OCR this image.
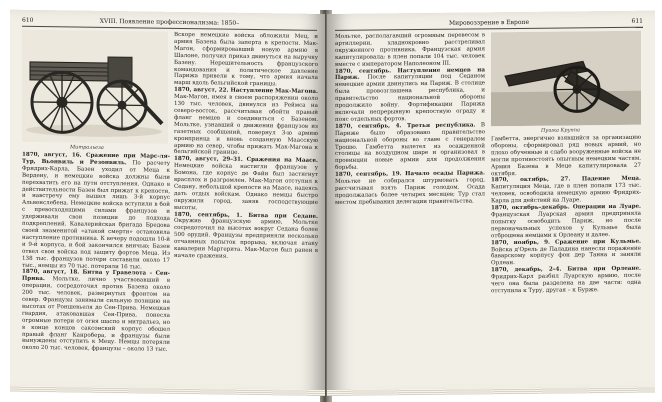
610	XVIII. Появление профессионализма: 1850–
Митральеза

1870, август, 16. Сражение при Марс-ля-Тур, Вьонвиль и Резонвиль. По расчету Фридрих-Карла, Базен уходил от Меца к Вердену, и немецкие войска должны были перехватить его на пути отступления. Однако в действительности Базен был прижат к крепости, и навстречу ему вышел лишь 3-й корпус Альвенслебена. Немецкие войска вступили в бой с превосходящими силами французов и удерживали свои позиции до подхода подкреплений. Кавалерийская бригада Бредова своей знаменитой «атакой смерти» остановила наступление противника. К вечеру подошли 10-й и 9-й корпуса, и бой закончился вничью; Базен отвел свои войска под защиту фортов Меца. Из 138 тыс. французов потери составили около 17 тыс., немцы из 70 тыс. потеряли 16 тыс.

1870, август, 18. Битва у Гравелота – Сен-Прива. Мольтке, лично участвовавший в операции, сосредоточил против Базена около 200 тыс. человек, развернутых фронтом на север. Французы занимали сильную позицию на высотах от Роншевьеля до Сен-Прива. Немецкая гвардия, атаковавшая Сен-Прива, понесла огромные потери от огня шаспо и митральез, но в конце концов саксонский корпус обошел правый фланг Канробера, и французы были вынуждены отступить к Мецу. Немцы потеряли около 20 тыс. человек, французы – около 13 тыс.

Вскоре немецкие войска обложили Мец, и армия Базена была заперта в крепости. Мак-Магон, сформировавший новую армию в Шалоне, получил приказ двинуться на выручку Базену. Нерешительность французского командования и политическое давление Парижа привели к тому, что армия начала марш вдоль бельгийской границы.

1870, август, 22. Наступление Мак-Магона. Мак-Магон, имея в своем распоряжении около 130 тыс. человек, двинулся из Реймса на северо-восток, рассчитывая обойти правый фланг немцев и соединиться с Базеном. Мольтке, узнавший о движении французов из газетных сообщений, повернул 3-ю армию кронпринца и вновь созданную Маасскую армию на север, чтобы прижать Мак-Магона к бельгийской границе.

1870, август, 29–31. Сражения на Маасе. Немецкие войска настигли французов у Бомона, где корпус де Файи был застигнут врасплох и разгромлен. Мак-Магон отступил к Седану, небольшой крепости на Маасе, надеясь дать отдых войскам. Однако немцы быстро окружили город, заняв господствующие высоты.

1870, сентябрь, 1. Битва при Седане. Окружив французскую армию, Мольтке сосредоточил на высотах вокруг Седана более 500 орудий. Французы предприняли несколько отчаянных попыток прорыва, включая атаку кавалерии Маргерита. Мак-Магон был ранен в начале сражения.

Мировоззрение в Европе	611

Мольтке, располагавший огромным перевесом в артиллерии, хладнокровно расстреливал окруженного противника. Французская армия капитулировала; в плен попали 104 тыс. человек вместе с императором Наполеоном III.

1870, сентябрь. Наступление немцев на Париж. После капитуляции под Седаном немецкие армии двинулись на Париж. В столице была провозглашена республика, и правительство национальной обороны продолжило войну. Фортификации Парижа включали непрерывную крепостную ограду и пояс отдельных фортов.

1870, сентябрь, 4. Третья республика. В Париже было образовано правительство национальной обороны во главе с генералом Трошю. Гамбетта вылетел из осажденной столицы на воздушном шаре и организовал в провинции новые армии для продолжения борьбы.

1870, сентябрь, 19. Начало осады Парижа. Мольтке не собирался штурмовать город, рассчитывая взять Париж голодом. Осада продолжалась более четырех месяцев; Тур стал местом пребывания делегации правительства.

Пушка Круппа

Гамбетта, энергично взявшийся за организацию обороны, сформировал ряд новых армий, но плохо обученные и слабо вооруженные войска не могли противостоять опытным немецким частям. Армия Базена в Меце капитулировала 27 октября.

1870, октябрь, 27. Падение Меца. Капитуляция Меца, где в плен попали 173 тыс. человек, освободила немецкую армию Фридрих-Карла для действий на Луаре.

1870, октябрь–декабрь. Операции на Луаре. Французская Луарская армия предприняла попытку освободить Париж, но после первоначальных успехов у Кульмье была отброшена немцами к Орлеану и далее.

1870, ноябрь, 9. Сражение при Кульмье. Войска д'Орель де Паладина нанесли поражение баварскому корпусу фон дер Танна и заняли Орлеан.

1870, декабрь, 2–4. Битва при Орлеане. Фридрих-Карл разбил Луарскую армию, после чего она была разделена на две части: одна отступила к Туру, другая – к Бурже.
